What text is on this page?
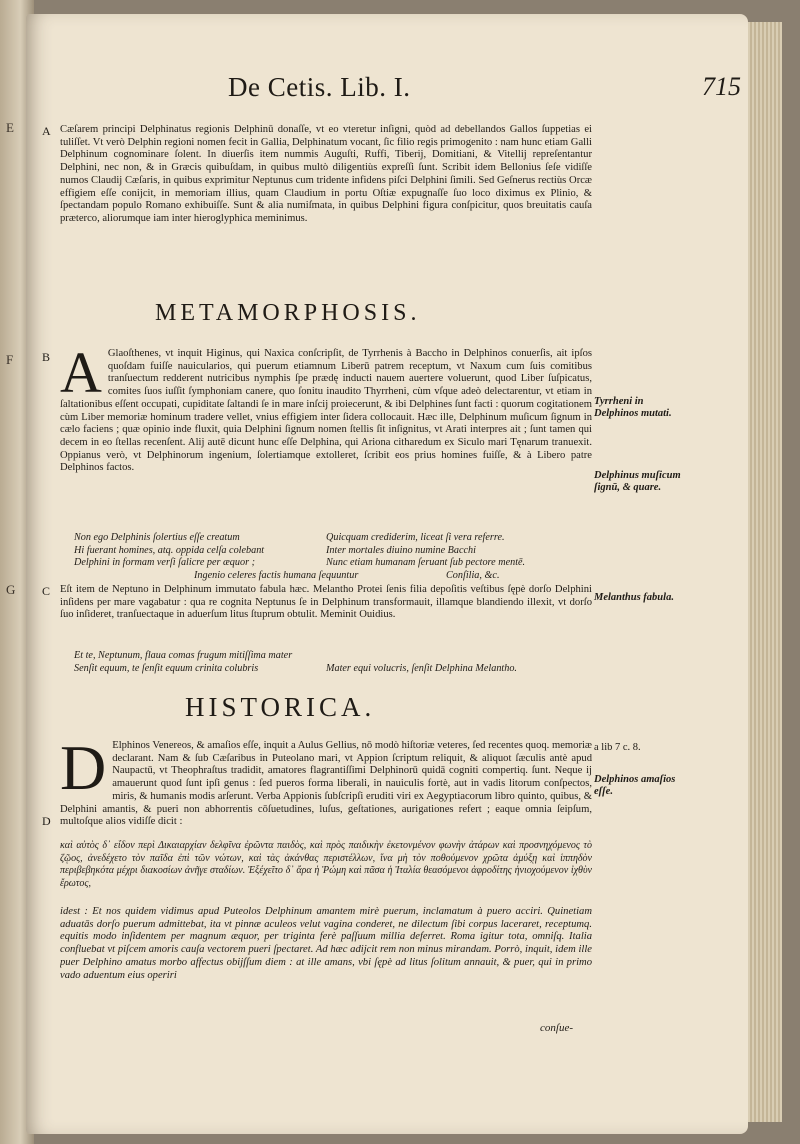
E
F
G
De Cetis. Lib. I.	715
A Cæſarem principi Delphinatus regionis Delphinū donaſſe, vt eo vteretur inſigni, quòd ad debellandos Gallos ſuppetias ei tuliſſet. Vt verò Delphin regioni nomen fecit in Gallia, Delphinatum vocant, ſic filio regis primogenito : nam hunc etiam Galli Delphinum cognominare ſolent. In diuerſis item nummis Auguſti, Ruffi, Tiberij, Domitiani, & Vitellij repreſentantur Delphini, nec non, & in Græcis quibuſdam, in quibus multò diligentiùs expreſſi ſunt. Scribit idem Bellonius ſeſe vidiſſe numos Claudij Cæſaris, in quibus exprimitur Neptunus cum tridente infidens piſci Delphini ſimili. Sed Geſnerus rectiùs Orcæ effigiem eſſe conijcit, in memoriam illius, quam Claudium in portu Oſtiæ expugnaſſe ſuo loco diximus ex Plinio, & ſpectandam populo Romano exhibuiſſe. Sunt & alia numiſmata, in quibus Delphini figura conſpicitur, quos breuitatis cauſa præterco, aliorumque iam inter hieroglyphica meminimus.

METAMORPHOSIS.
B A Glaoſthenes, vt inquit Higinus, qui Naxica conſcripſit, de Tyrrhenis à Baccho in Delphinos conuerſis, ait ipſos quoſdam fuiſſe nauicularios, qui puerum etiamnum Liberū patrem receptum, vt Naxum cum ſuis comitibus tranſuectum redderent nutricibus nymphis ſpe prædę inducti nauem auertere voluerunt, quod Liber ſuſpicatus, comites ſuos iuſſit ſymphoniam canere, quo ſonitu inaudito Thyrrheni, cùm vſque adeò delectarentur, vt etiam in ſaltationibus eſſent occupati, cupiditate ſaltandi ſe in mare inſcij proiecerunt, & ibi Delphines ſunt facti : quorum cogitationem cùm Liber memoriæ hominum tradere vellet, vnius effigiem inter ſidera collocauit. Hæc ille, Delphinum muſicum ſignum in cælo faciens ; quæ opinio inde fluxit, quia Delphini ſignum nomen ſtellis ſit inſignitus, vt Arati interpres ait ; ſunt tamen qui decem in eo ſtellas recenſent. Alij autē dicunt hunc eſſe Delphina, qui Ariona citharedum ex Siculo mari Tęnarum tranuexit. Oppianus verò, vt Delphinorum ingenium, ſolertiamque extolleret, ſcribit eos prius homines fuiſſe, & à Libero patre Delphinos factos.
Non ego Delphinis ſolertius eſſe creatum	Quicquam crediderim, liceat ſi vera referre.
Hi fuerant homines, atq. oppida celſa colebant	Inter mortales diuino numine Bacchi
Delphini in formam verſi ſalicre per æquor ;	Nunc etiam humanam ſeruant ſub pectore mentē.
Ingenio celeres factis humana ſequuntur	Conſilia, &c.
C Eſt item de Neptuno in Delphinum immutato fabula hæc. Melantho Protei ſenis filia depoſitis veſtibus ſępè dorſo Delphini inſidens per mare vagabatur : qua re cognita Neptunus ſe in Delphinum transformauit, illamque blandiendo illexit, vt dorſo ſuo inſideret, tranſuectaque in aduerſum litus ſtuprum obtulit. Meminit Ouidius.

Et te, Neptunum, flaua comas frugum mitiſſima mater
Senſit equum, te ſenſit equum crinita colubris	Mater equi volucris, ſenſit Delphina Melantho.
HISTORICA.
D Elphinos Venereos, & amaſios eſſe, inquit a Aulus Gellius, nō modò hiſtoriæ veteres, ſed recentes quoq. memoriæ declarant. Nam & ſub Cæſaribus in Puteolano mari, vt Appion ſcriptum reliquit, & aliquot ſæculis antè apud Naupactū, vt Theophraſtus tradidit, amatores flagrantiſſimi Delphinorū quidā cogniti compertiq. ſunt. Neque ij amauerunt quod ſunt ipſi genus : ſed pueros forma liberali, in nauiculis fortè, aut in vadis litorum conſpectos, miris, & humanis modis arſerunt. Verba Appionis ſubſcripſi eruditi viri ex Aegyptiacorum libro quinto, quibus, & Delphini amantis, & pueri non abhorrentis cōſuetudines, luſus, geſtationes, aurigationes refert ; eaque omnia ſeipſum, multoſque alios vidiſſe dicit :
D

καὶ αὐτὸς δ᾽ εἶδον περὶ Δικαιαρχίαν δελφῖνα ἐρῶντα παιδὸς, καὶ πρὸς παιδικὴν ἐκετονμένον φωνὴν ἀτάρων καὶ προσνηχόμενος τὸ ζῷος, ἀνεδέχετο τὸν παῖδα ἐπὶ τῶν νώτων, καὶ τὰς ἀκάνθας περιστέλλων, ἵνα μὴ τὸν ποθούμενον χρῶτα ἀμύξῃ καὶ ἱππηδὸν περιβεβηκότα μέχρι διακοσίων ἀνῆγε σταδίων. Ἐξέχεῖτο δ᾽ ἄρα ἡ Ῥώμη καὶ πᾶσα ἡ Ἰταλία θεασόμενοι ἀφροδίτης ἡνιοχούμενον ἰχθὺν ἔρωτος,

idest : Et nos quidem vidimus apud Puteolos Delphinum amantem mirè puerum, inclamatum à puero acciri. Quinetiam aduatās dorſo puerum admittebat, ita vt pinnæ aculeos velut vagina conderet, ne dilectum ſibi corpus laceraret, receptumq. equitis modo inſidentem per magnum æquor, per triginta ferè paſſuum millia deferret. Roma igitur tota, omniſq. Italia confluebat vt piſcem amoris cauſa vectorem pueri ſpectaret. Ad hæc adijcit rem non minus mirandam. Porrò, inquit, idem ille puer Delphino amatus morbo affectus obijſſum diem : at ille amans, vbi ſępè ad litus ſolitum annauit, & puer, qui in primo vado aduentum eius operiri

conſue-
Tyrrheni in Delphinos mutati.
Delphinus muſicum ſignū, & quare.
Melanthus fabula.
a lib 7 c. 8.
Delphinos amaſios eſſe.
